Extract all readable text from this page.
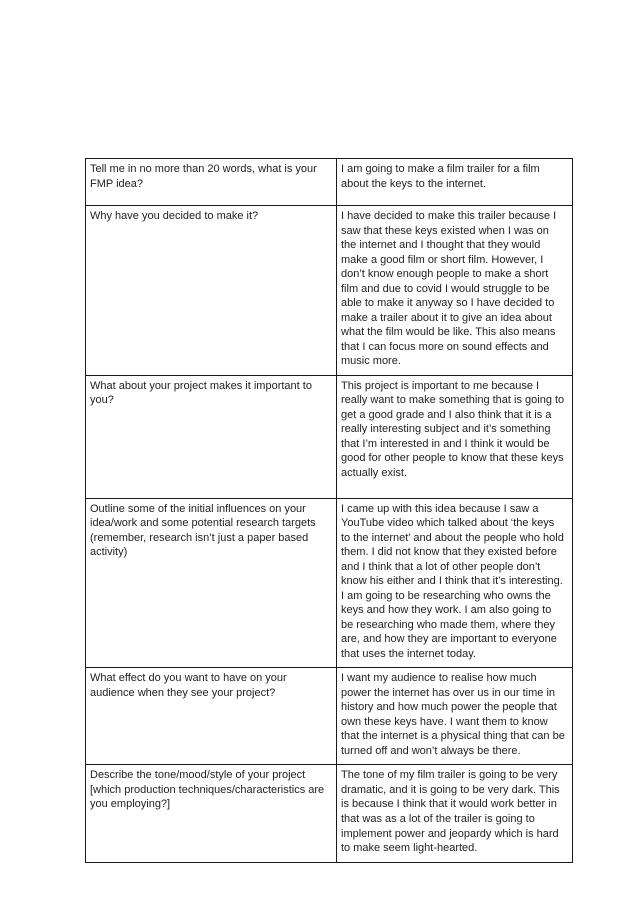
Tell me in no more than 20 words, what is your FMP idea?	I am going to make a film trailer for a film about the keys to the internet.
Why have you decided to make it?	I have decided to make this trailer because I saw that these keys existed when I was on the internet and I thought that they would make a good film or short film. However, I don’t know enough people to make a short film and due to covid I would struggle to be able to make it anyway so I have decided to make a trailer about it to give an idea about what the film would be like. This also means that I can focus more on sound effects and music more.
What about your project makes it important to you?	This project is important to me because I really want to make something that is going to get a good grade and I also think that it is a really interesting subject and it’s something that I’m interested in and I think it would be good for other people to know that these keys actually exist.
Outline some of the initial influences on your idea/work and some potential research targets (remember, research isn’t just a paper based activity)	I came up with this idea because I saw a YouTube video which talked about ‘the keys to the internet’ and about the people who hold them. I did not know that they existed before and I think that a lot of other people don’t know his either and I think that it’s interesting. I am going to be researching who owns the keys and how they work. I am also going to be researching who made them, where they are, and how they are important to everyone that uses the internet today.
What effect do you want to have on your audience when they see your project?	I want my audience to realise how much power the internet has over us in our time in history and how much power the people that own these keys have. I want them to know that the internet is a physical thing that can be turned off and won’t always be there.
Describe the tone/mood/style of your project [which production techniques/characteristics are you employing?]	The tone of my film trailer is going to be very dramatic, and it is going to be very dark. This is because I think that it would work better in that was as a lot of the trailer is going to implement power and jeopardy which is hard to make seem light-hearted.
